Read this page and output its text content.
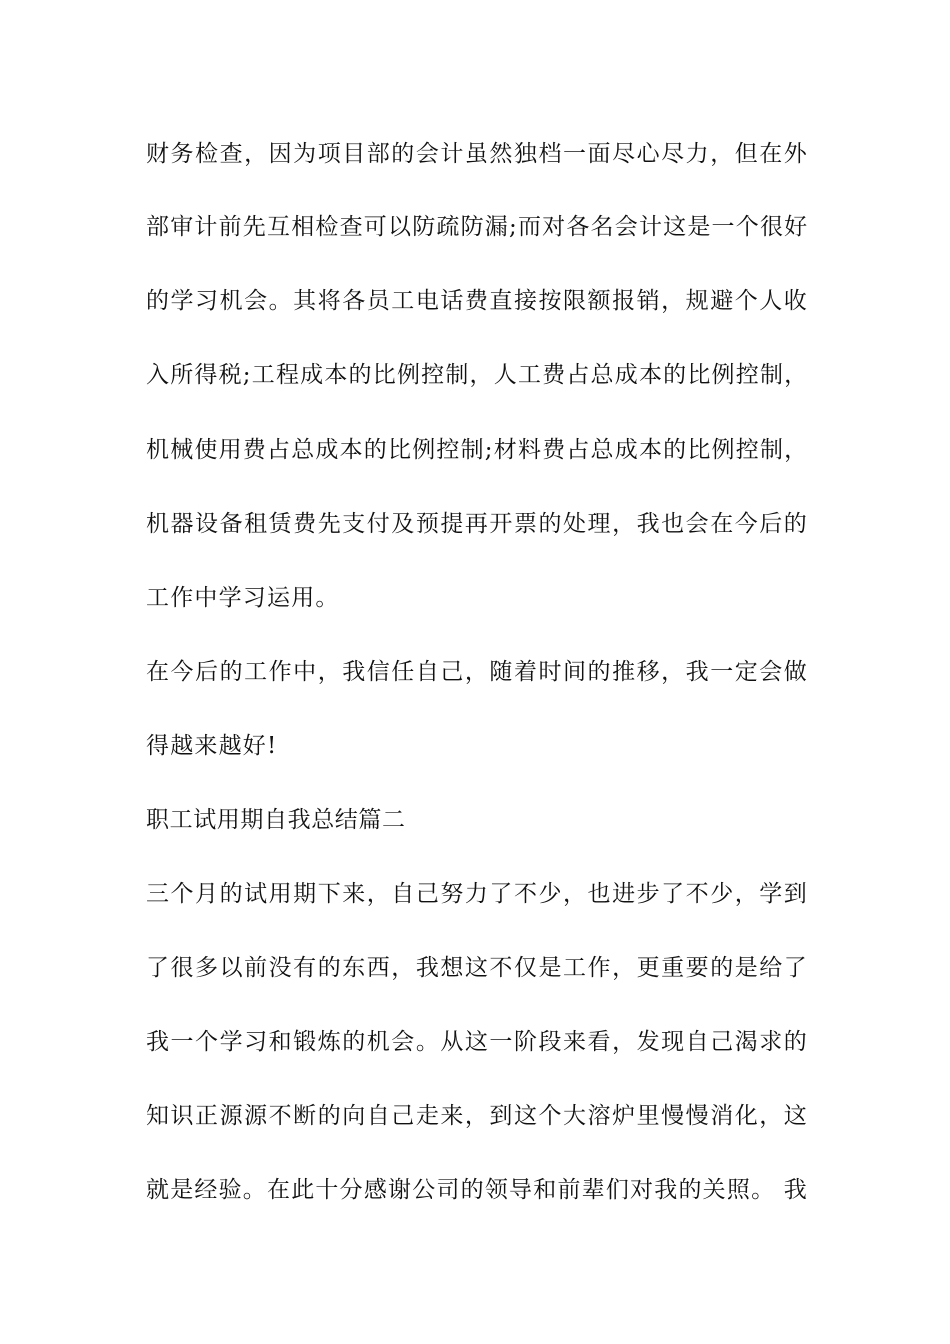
财务检查，因为项目部的会计虽然独档一面尽心尽力，但在外
部审计前先互相检查可以防疏防漏;而对各名会计这是一个很好
的学习机会。其将各员工电话费直接按限额报销，规避个人收
入所得税;工程成本的比例控制，人工费占总成本的比例控制，
机械使用费占总成本的比例控制;材料费占总成本的比例控制，
机器设备租赁费先支付及预提再开票的处理，我也会在今后的
工作中学习运用。
在今后的工作中，我信任自己，随着时间的推移，我一定会做
得越来越好!
职工试用期自我总结篇二
三个月的试用期下来，自己努力了不少，也进步了不少，学到
了很多以前没有的东西，我想这不仅是工作，更重要的是给了
我一个学习和锻炼的机会。从这一阶段来看，发现自己渴求的
知识正源源不断的向自己走来，到这个大溶炉里慢慢消化，这
就是经验。在此十分感谢公司的领导和前辈们对我的关照。 我
